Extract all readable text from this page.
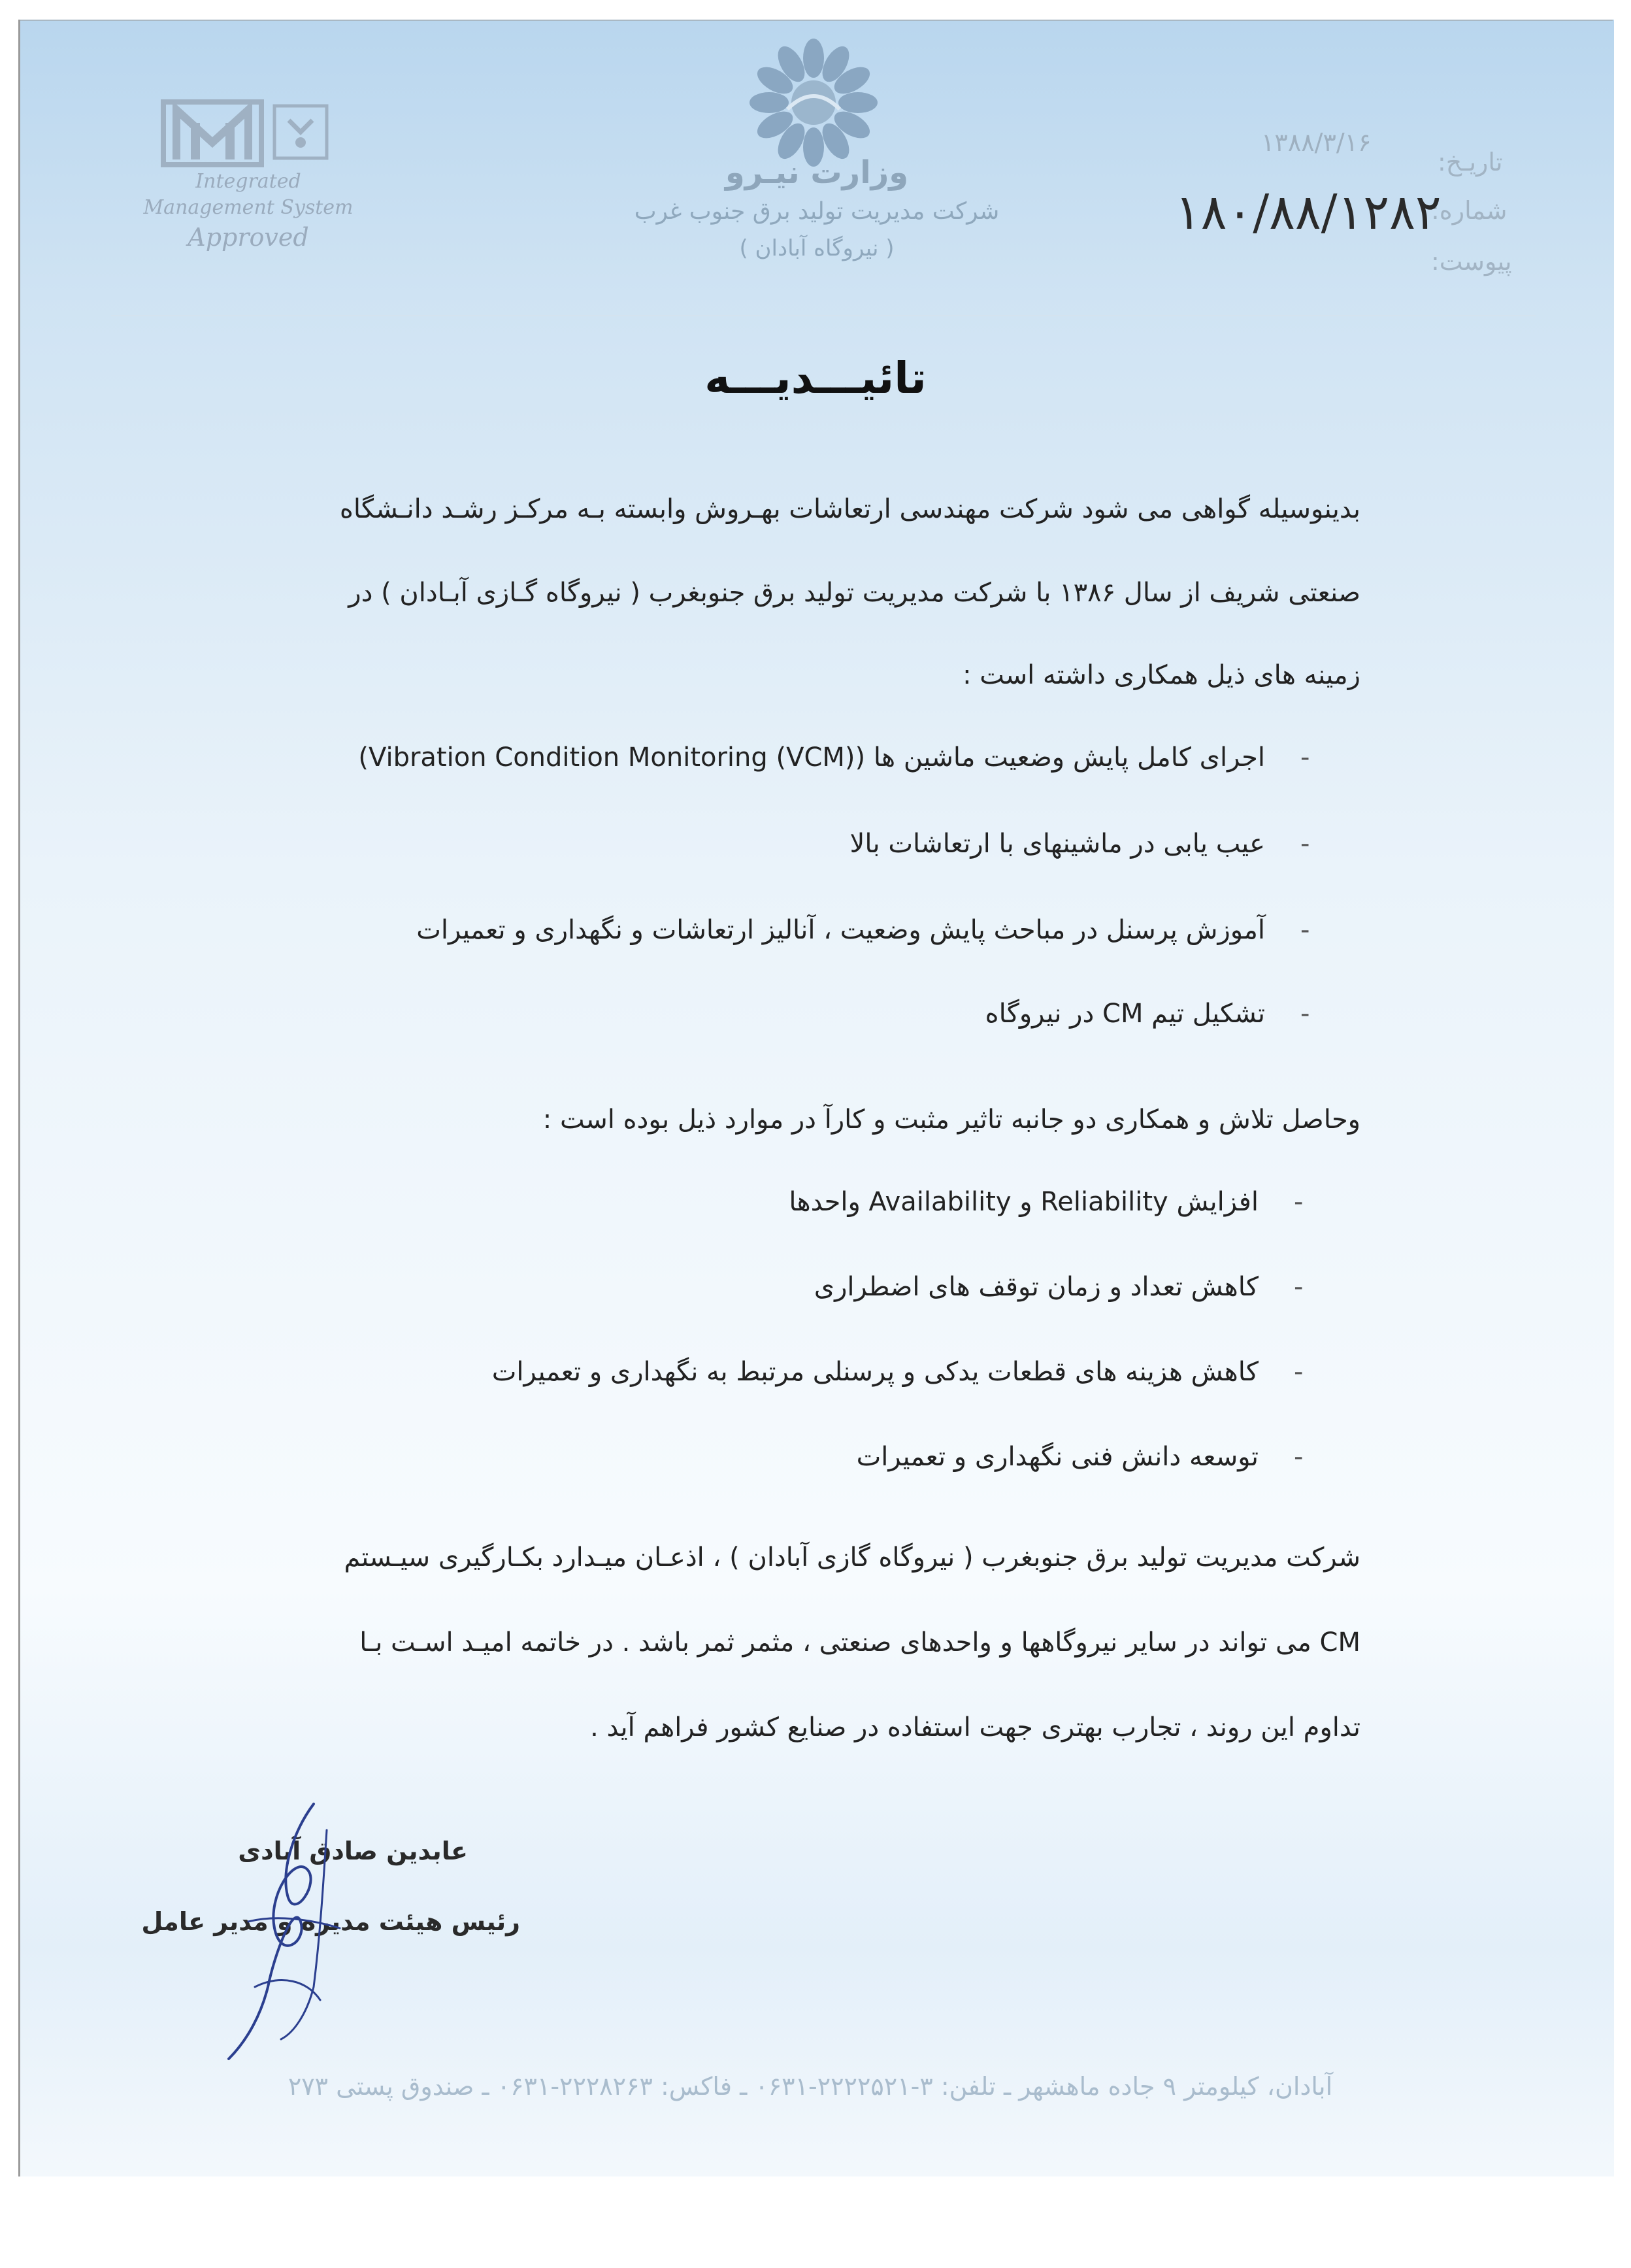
Integrated
Management System
Approved
وزارت نیـرو
شرکت مدیریت تولید برق جنوب غرب
( نیروگاه آبادان )
تاریـخ:
۱۳۸۸/۳/۱۶
شماره:
۱۸۰/۸۸/۱۲۸۲
پیوست:
تائیـــدیـــه
بدینوسیله گواهی می شود شرکت مهندسی ارتعاشات بهـروش وابسته بـه مرکـز رشـد دانـشگاه
صنعتی شریف از سال ۱۳۸۶ با شرکت مدیریت تولید برق جنوبغرب ( نیروگاه گـازی آبـادان ) در
زمینه های ذیل همکاری داشته است :
-
اجرای کامل پایش وضعیت ماشین ها (Vibration Condition Monitoring (VCM))
-
عیب یابی در ماشینهای با ارتعاشات بالا
-
آموزش پرسنل در مباحث پایش وضعیت ، آنالیز ارتعاشات و نگهداری و تعمیرات
-
تشکیل تیم CM در نیروگاه
وحاصل تلاش و همکاری دو جانبه تاثیر مثبت و کارآ در موارد ذیل بوده است :
-
افزایش Reliability و Availability واحدها
-
کاهش تعداد و زمان توقف های اضطراری
-
کاهش هزینه های قطعات یدکی و پرسنلی مرتبط به نگهداری و تعمیرات
-
توسعه دانش فنی نگهداری و تعمیرات
شرکت مدیریت تولید برق جنوبغرب ( نیروگاه گازی آبادان ) ، اذعـان میـدارد بکـارگیری سیـستم
CM می تواند در سایر نیروگاهها و واحدهای صنعتی ، مثمر ثمر باشد . در خاتمه امیـد اسـت بـا
تداوم این روند ، تجارب بهتری جهت استفاده در صنایع کشور فراهم آید .
عابدین صادق آبادی
رئیس هیئت مدیره و مدیر عامل
آبادان، کیلومتر ۹ جاده ماهشهر ـ تلفن: ۳-۲۲۲۲۵۲۱-۰۶۳۱ ـ فاکس: ۲۲۲۸۲۶۳-۰۶۳۱ ـ صندوق پستی ۲۷۳
